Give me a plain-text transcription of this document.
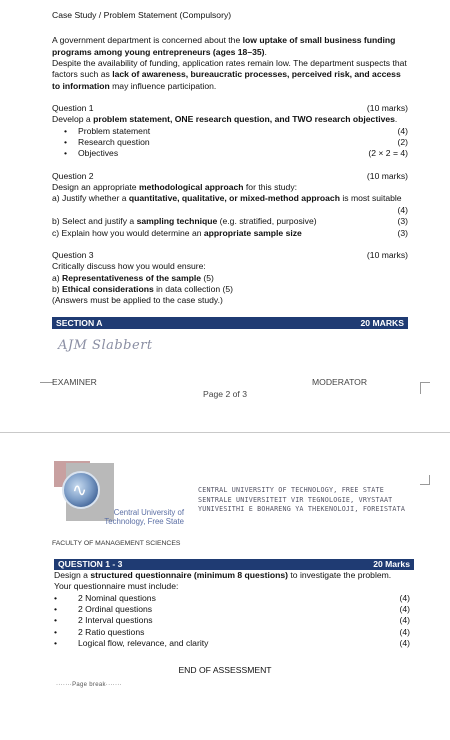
Case Study / Problem Statement (Compulsory)
A government department is concerned about the low uptake of small business funding programs among young entrepreneurs (ages 18–35).
Despite the availability of funding, application rates remain low. The department suspects that factors such as lack of awareness, bureaucratic processes, perceived risk, and access to information may influence participation.
Question 1	(10 marks)
Develop a problem statement, ONE research question, and TWO research objectives.
• Problem statement	(4)
• Research question	(2)
• Objectives	(2 × 2 = 4)
Question 2	(10 marks)
Design an appropriate methodological approach for this study:
a) Justify whether a quantitative, qualitative, or mixed-method approach is most suitable
(4)
b) Select and justify a sampling technique (e.g. stratified, purposive)	(3)
c) Explain how you would determine an appropriate sample size	(3)
Question 3	(10 marks)
Critically discuss how you would ensure:
a) Representativeness of the sample (5)
b) Ethical considerations in data collection (5)
(Answers must be applied to the case study.)
SECTION A	20 MARKS
AJM Slabbert
EXAMINER	MODERATOR
Page 2 of 3
∿
Central University of
Technology, Free State
CENTRAL UNIVERSITY OF TECHNOLOGY, FREE STATE
SENTRALE UNIVERSITEIT VIR TEGNOLOGIE, VRYSTAAT
YUNIVESITHI E BOHARENG YA THEKENOLOJI, FOREISTATA
FACULTY OF MANAGEMENT SCIENCES
QUESTION 1 - 3	20 Marks
Design a structured questionnaire (minimum 8 questions) to investigate the problem.
Your questionnaire must include:
• 2 Nominal questions	(4)
• 2 Ordinal questions	(4)
• 2 Interval questions	(4)
• 2 Ratio questions	(4)
• Logical flow, relevance, and clarity	(4)
END OF ASSESSMENT
·······Page break·······
